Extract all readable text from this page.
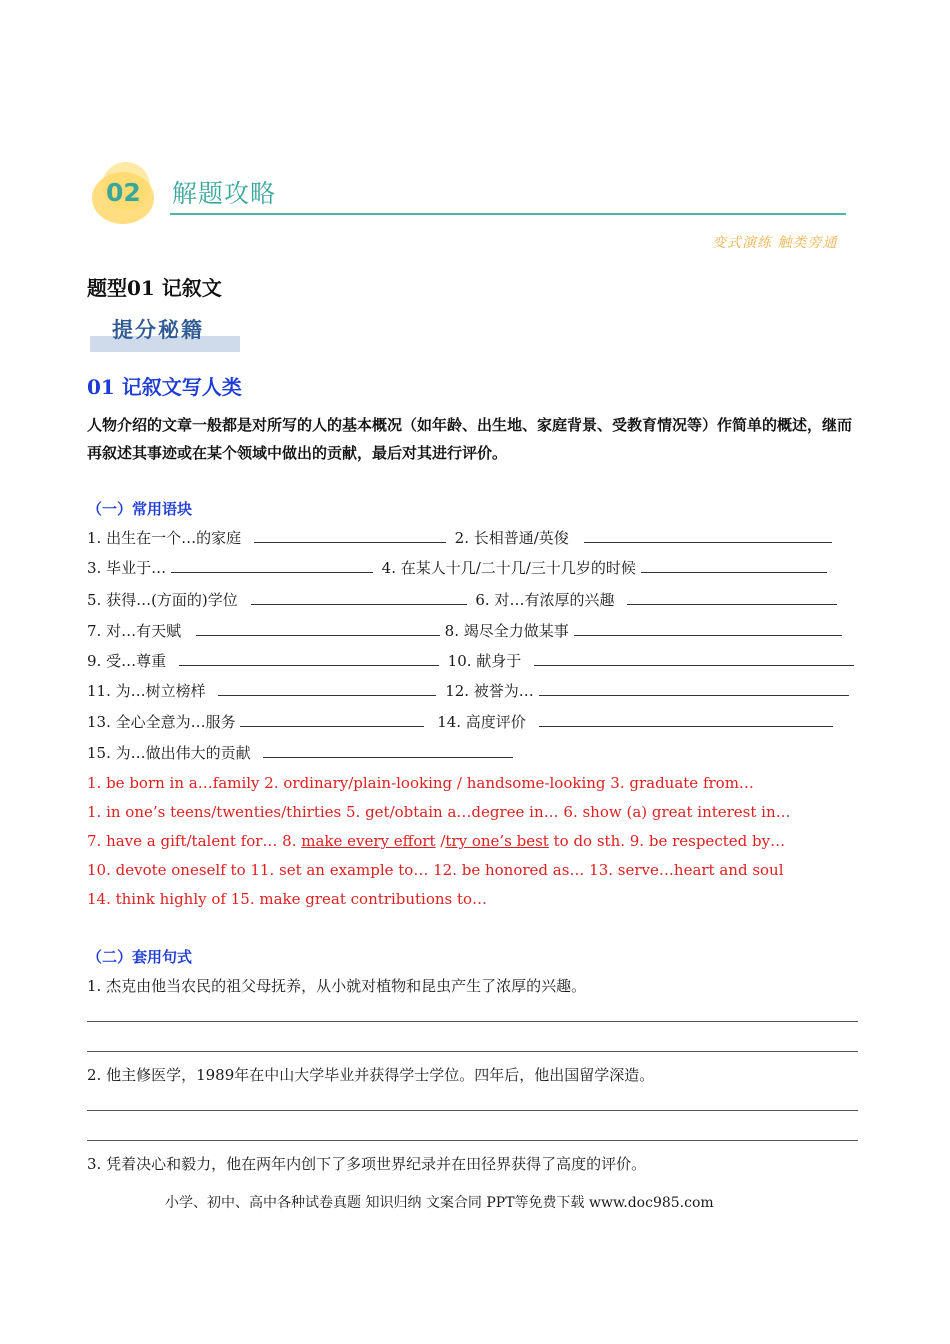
02 解题攻略
变式演练 触类旁通
题型01 记叙文
提分秘籍
01 记叙文写人类
人物介绍的文章一般都是对所写的人的基本概况（如年龄、出生地、家庭背景、受教育情况等）作简单的概述，继而再叙述其事迹或在某个领域中做出的贡献，最后对其进行评价。
（一）常用语块
1. 出生在一个…的家庭	2. 长相普通/英俊
3. 毕业于…	4. 在某人十几/二十几/三十几岁的时候
5. 获得…(方面的)学位	6. 对…有浓厚的兴趣
7. 对…有天赋	8. 竭尽全力做某事
9. 受…尊重	10. 献身于
11. 为…树立榜样	12. 被誉为…
13. 全心全意为…服务	14. 高度评价
15. 为…做出伟大的贡献
1. be born in a…family 2. ordinary/plain-looking / handsome-looking 3. graduate from…
1. in one’s teens/twenties/thirties 5. get/obtain a…degree in… 6. show (a) great interest in…
7. have a gift/talent for… 8. make every effort /try one’s best to do sth. 9. be respected by…
10. devote oneself to 11. set an example to… 12. be honored as… 13. serve…heart and soul
14. think highly of 15. make great contributions to…
（二）套用句式
1. 杰克由他当农民的祖父母抚养，从小就对植物和昆虫产生了浓厚的兴趣。
2. 他主修医学，1989年在中山大学毕业并获得学士学位。四年后，他出国留学深造。
3. 凭着决心和毅力，他在两年内创下了多项世界纪录并在田径界获得了高度的评价。
小学、初中、高中各种试卷真题 知识归纳 文案合同 PPT等免费下载 www.doc985.com
